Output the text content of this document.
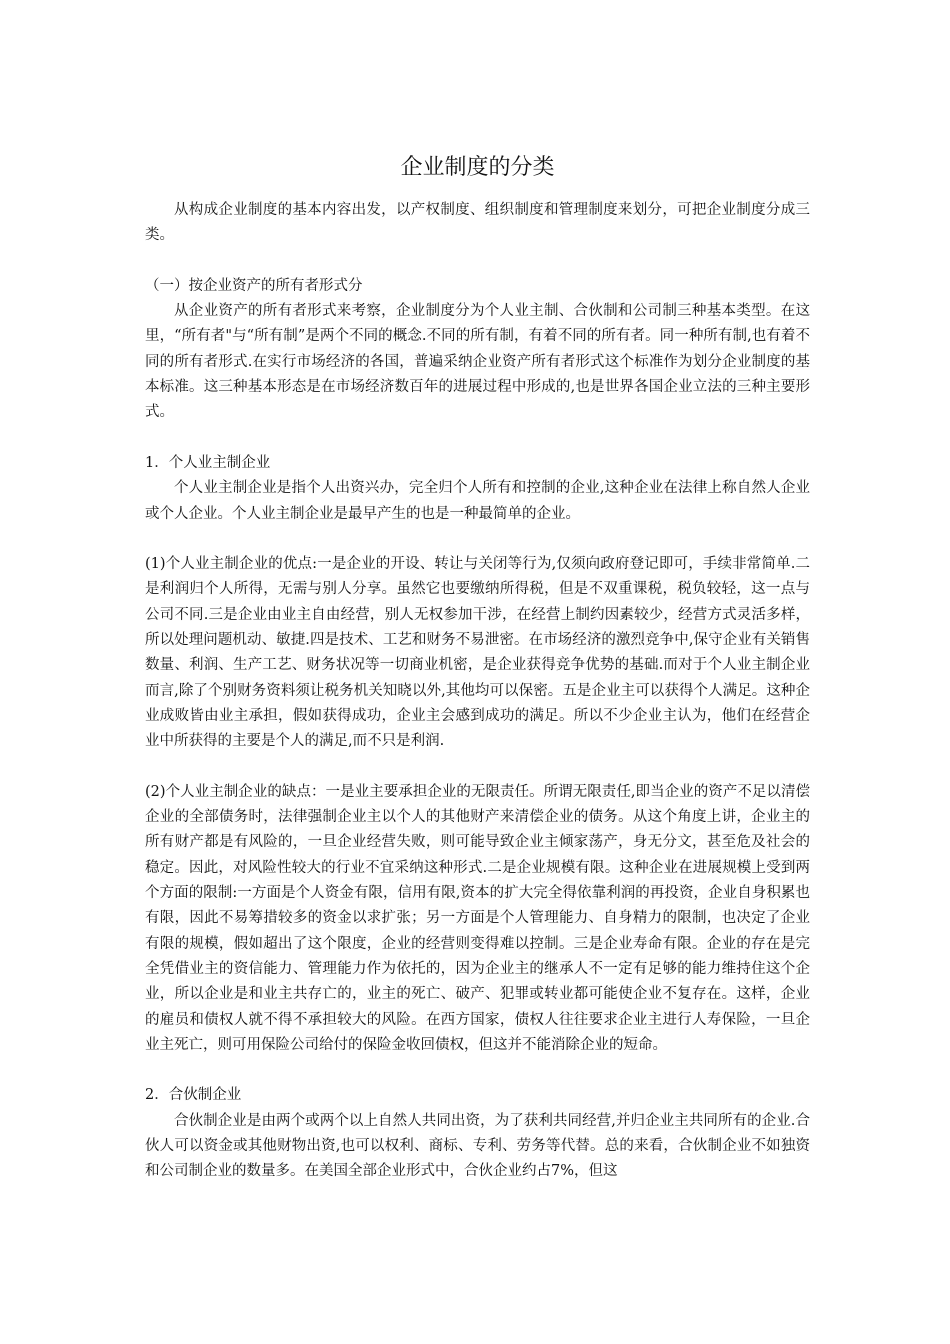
企业制度的分类

从构成企业制度的基本内容出发，以产权制度、组织制度和管理制度来划分，可把企业制度分成三类。

（一）按企业资产的所有者形式分

从企业资产的所有者形式来考察，企业制度分为个人业主制、合伙制和公司制三种基本类型。在这里，“所有者"与“所有制”是两个不同的概念.不同的所有制，有着不同的所有者。同一种所有制,也有着不同的所有者形式.在实行市场经济的各国，普遍采纳企业资产所有者形式这个标准作为划分企业制度的基本标准。这三种基本形态是在市场经济数百年的进展过程中形成的,也是世界各国企业立法的三种主要形式。

1．个人业主制企业

个人业主制企业是指个人出资兴办，完全归个人所有和控制的企业,这种企业在法律上称自然人企业或个人企业。个人业主制企业是最早产生的也是一种最简单的企业。

(1)个人业主制企业的优点:一是企业的开设、转让与关闭等行为,仅须向政府登记即可，手续非常简单.二是利润归个人所得，无需与别人分享。虽然它也要缴纳所得税，但是不双重课税，税负较轻，这一点与公司不同.三是企业由业主自由经营，别人无权参加干涉，在经营上制约因素较少，经营方式灵活多样，所以处理问题机动、敏捷.四是技术、工艺和财务不易泄密。在市场经济的激烈竞争中,保守企业有关销售数量、利润、生产工艺、财务状况等一切商业机密，是企业获得竞争优势的基础.而对于个人业主制企业而言,除了个别财务资料须让税务机关知晓以外,其他均可以保密。五是企业主可以获得个人满足。这种企业成败皆由业主承担，假如获得成功，企业主会感到成功的满足。所以不少企业主认为，他们在经营企业中所获得的主要是个人的满足,而不只是利润.

(2)个人业主制企业的缺点：一是业主要承担企业的无限责任。所谓无限责任,即当企业的资产不足以清偿企业的全部债务时，法律强制企业主以个人的其他财产来清偿企业的债务。从这个角度上讲，企业主的所有财产都是有风险的，一旦企业经营失败，则可能导致企业主倾家荡产，身无分文，甚至危及社会的稳定。因此，对风险性较大的行业不宜采纳这种形式.二是企业规模有限。这种企业在进展规模上受到两个方面的限制:一方面是个人资金有限，信用有限,资本的扩大完全得依靠利润的再投资，企业自身积累也有限，因此不易筹措较多的资金以求扩张；另一方面是个人管理能力、自身精力的限制，也决定了企业有限的规模，假如超出了这个限度，企业的经营则变得难以控制。三是企业寿命有限。企业的存在是完全凭借业主的资信能力、管理能力作为依托的，因为企业主的继承人不一定有足够的能力维持住这个企业，所以企业是和业主共存亡的，业主的死亡、破产、犯罪或转业都可能使企业不复存在。这样，企业的雇员和债权人就不得不承担较大的风险。在西方国家，债权人往往要求企业主进行人寿保险，一旦企业主死亡，则可用保险公司给付的保险金收回债权，但这并不能消除企业的短命。

2．合伙制企业

合伙制企业是由两个或两个以上自然人共同出资，为了获利共同经营,并归企业主共同所有的企业.合伙人可以资金或其他财物出资,也可以权利、商标、专利、劳务等代替。总的来看，合伙制企业不如独资和公司制企业的数量多。在美国全部企业形式中，合伙企业约占7%，但这
